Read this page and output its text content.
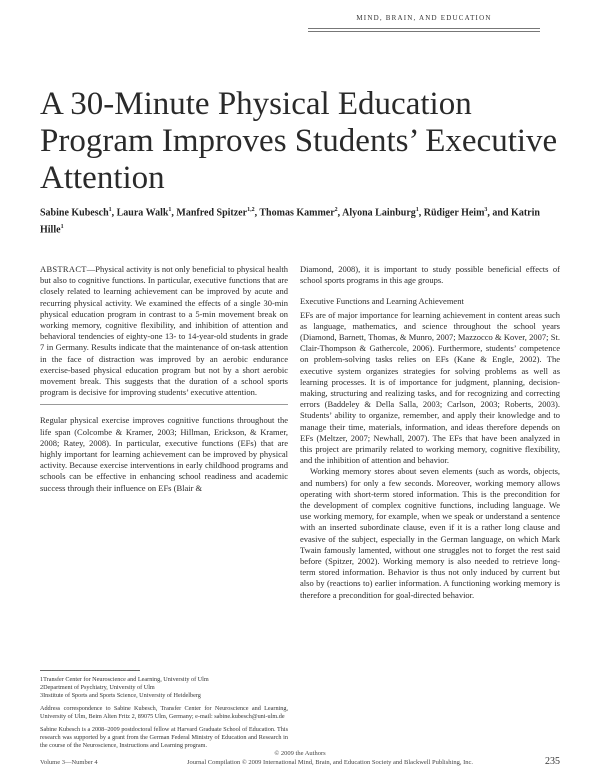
MIND, BRAIN, AND EDUCATION
A 30-Minute Physical Education Program Improves Students’ Executive Attention
Sabine Kubesch$^1$, Laura Walk$^1$, Manfred Spitzer$^{1,2}$, Thomas Kammer$^2$, Alyona Lainburg$^1$, Rüdiger Heim$^3$, and Katrin Hille$^1$

ABSTRACT—Physical activity is not only beneficial to physical health but also to cognitive functions. In particular, executive functions that are closely related to learning achievement can be improved by acute and recurring physical activity. We examined the effects of a single 30-min physical education program in contrast to a 5-min movement break on working memory, cognitive flexibility, and inhibition of attention and behavioral tendencies of eighty-one 13- to 14-year-old students in grade 7 in Germany. Results indicate that the maintenance of on-task attention in the face of distraction was improved by an aerobic endurance exercise-based physical education program but not by a short aerobic movement break. This suggests that the duration of a school sports program is decisive for improving students’ executive attention.

Regular physical exercise improves cognitive functions throughout the life span (Colcombe & Kramer, 2003; Hillman, Erickson, & Kramer, 2008; Ratey, 2008). In particular, executive functions (EFs) that are highly important for learning achievement can be improved by physical activity. Because exercise interventions in early childhood programs and schools can be effective in enhancing school readiness and academic success through their influence on EFs (Blair &

Diamond, 2008), it is important to study possible beneficial effects of school sports programs in this age groups.

Executive Functions and Learning Achievement

EFs are of major importance for learning achievement in content areas such as language, mathematics, and science throughout the school years (Diamond, Barnett, Thomas, & Munro, 2007; Mazzocco & Kover, 2007; St. Clair-Thompson & Gathercole, 2006). Furthermore, students’ competence on problem-solving tasks relies on EFs (Kane & Engle, 2002). The executive system organizes strategies for solving problems as well as learning processes. It is of importance for judgment, planning, decision-making, structuring and realizing tasks, and for recognizing and correcting errors (Baddeley & Della Salla, 2003; Carlson, 2003; Roberts, 2003). Students’ ability to organize, remember, and apply their knowledge and to manage their time, materials, information, and ideas therefore depends on EFs (Meltzer, 2007; Newhall, 2007). The EFs that have been analyzed in this project are primarily related to working memory, cognitive flexibility, and the inhibition of attention and behavior.

Working memory stores about seven elements (such as words, objects, and numbers) for only a few seconds. Moreover, working memory allows operating with short-term stored information. This is the precondition for the development of complex cognitive functions, including language. We use working memory, for example, when we speak or understand a sentence with an inserted subordinate clause, even if it is a rather long clause and evasive of the subject, especially in the German language, on which Mark Twain famously lamented, without one struggles not to forget the rest said before (Spitzer, 2002). Working memory is also needed to retrieve long-term stored information. Behavior is thus not only induced by current but also by (reactions to) earlier information. A functioning working memory is therefore a precondition for goal-directed behavior.

1Transfer Center for Neuroscience and Learning, University of Ulm

2Department of Psychiatry, University of Ulm

3Institute of Sports and Sports Science, University of Heidelberg

Address correspondence to Sabine Kubesch, Transfer Center for Neuroscience and Learning, University of Ulm, Beim Alten Fritz 2, 89075 Ulm, Germany; e-mail: sabine.kubesch@uni-ulm.de
Sabine Kubesch is a 2008–2009 postdoctoral fellow at Harvard Graduate School of Education. This research was supported by a grant from the German Federal Ministry of Education and Research in the course of the Neuroscience, Instructions and Learning program.
© 2009 the Authors
Volume 3—Number 4	Journal Compilation © 2009 International Mind, Brain, and Education Society and Blackwell Publishing, Inc.	235
